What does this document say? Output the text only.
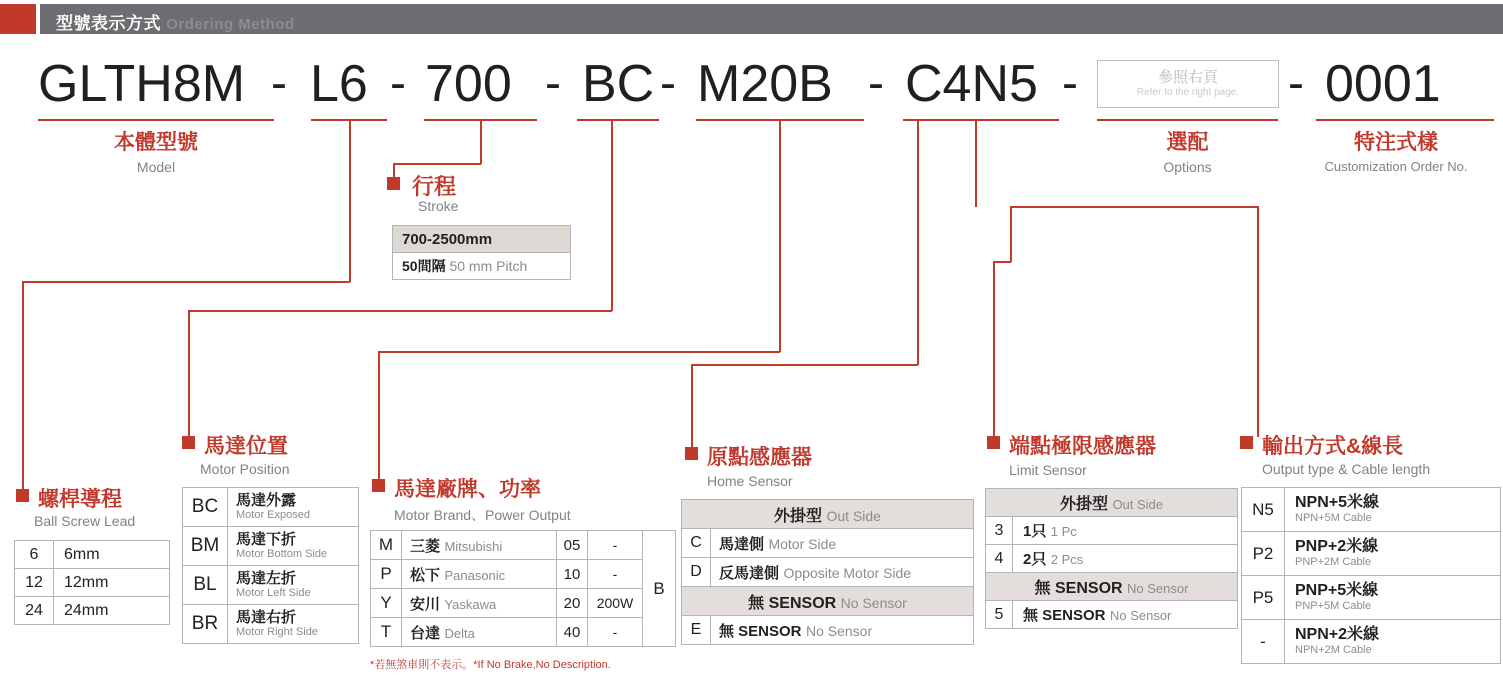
型號表示方式 Ordering Method
GLTH8M - L6 - 700 - BC - M20B - C4N5 -	參照右頁
Refer to the right page.	- 0001
本體型號
Model
選配
Options
特注式樣
Customization Order No.
行程
Stroke
700-2500mm
50間隔 50 mm Pitch
螺桿導程
Ball Screw Lead
6	6mm
12	12mm
24	24mm
馬達位置
Motor Position
BC	馬達外露
Motor Exposed

BM	馬達下折
Motor Bottom Side

BL	馬達左折
Motor Left Side

BR	馬達右折
Motor Right Side
馬達廠牌、功率
Motor Brand、Power Output
M	三菱 Mitsubishi	05	-	B
P	松下 Panasonic	10	-	
Y	安川 Yaskawa	20	200W	
T	台達 Delta	40	-	
*若無煞車則不表示。*If No Brake,No Description.
原點感應器
Home Sensor
外掛型 Out Side	
C	馬達側 Motor Side
D	反馬達側 Opposite Motor Side
無 SENSOR No Sensor	
E	無 SENSOR No Sensor
端點極限感應器
Limit Sensor
外掛型 Out Side	
3	1只 1 Pc
4	2只 2 Pcs
無 SENSOR No Sensor	
5	無 SENSOR No Sensor
輸出方式&線長
Output type & Cable length
N5	NPN+5米線
NPN+5M Cable

P2	PNP+2米線
PNP+2M Cable

P5	PNP+5米線
PNP+5M Cable

-	NPN+2米線
NPN+2M Cable
